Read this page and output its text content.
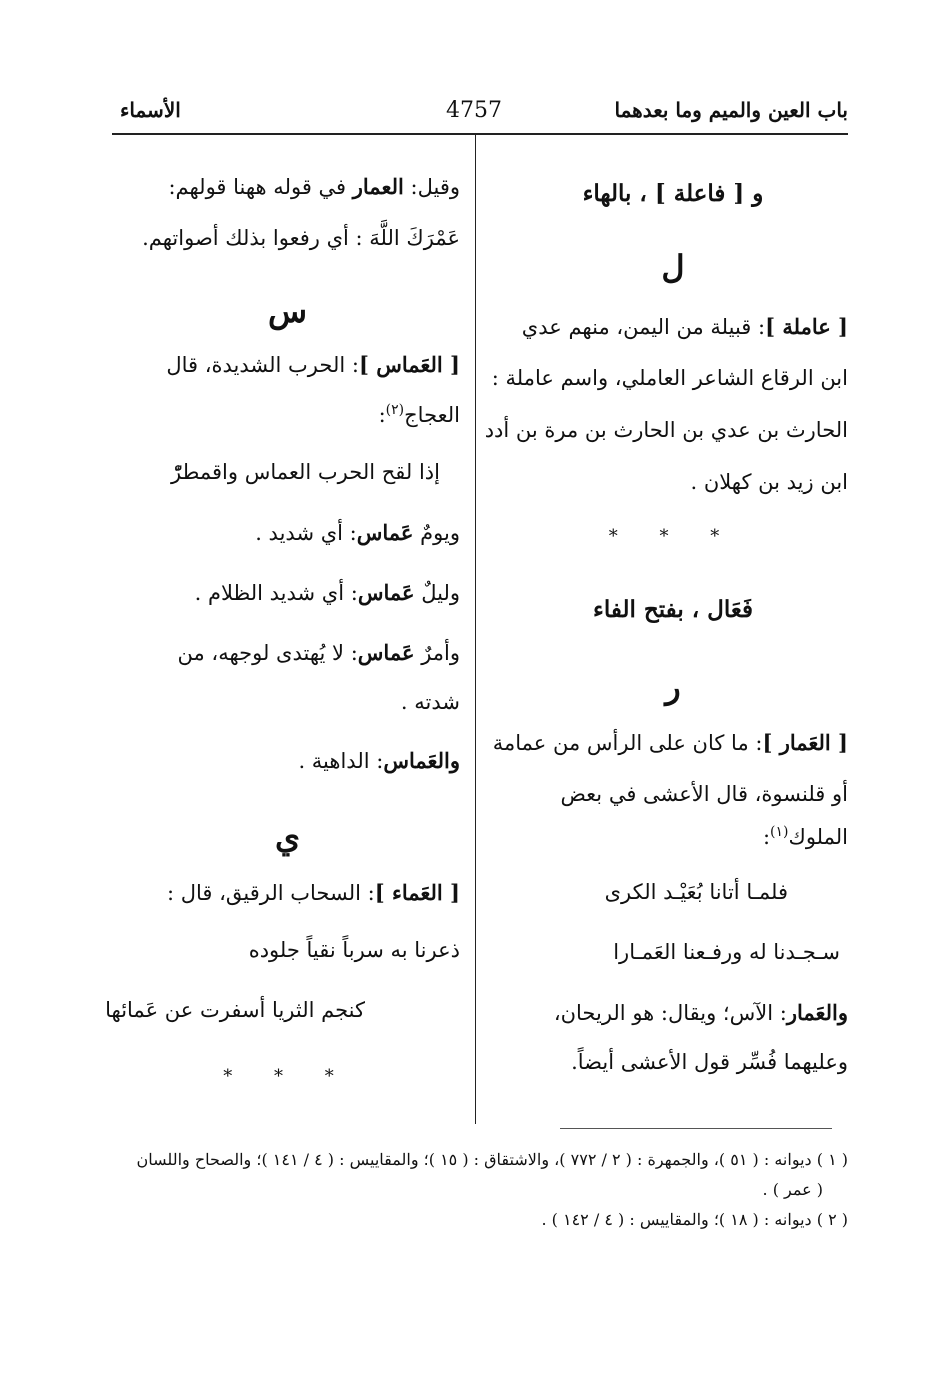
باب العين والميم وما بعدهما
4757
الأسماء
و [ فاعلة ] ، بالهاء
ل
[ عاملة ]: قبيلة من اليمن، منهم عدي
ابن الرقاع الشاعر العاملي، واسم عاملة :
الحارث بن عدي بن الحارث بن مرة بن أدد
ابن زيد بن كهلان .
* * *
فَعَال ، بفتح الفاء
ر
[ العَمار ]: ما كان على الرأس من عمامة
أو قلنسوة، قال الأعشى في بعض
الملوك$^{(١)}$:
فلمـا أتانا بُعَيْـد الكرى
سـجـدنا له ورفـعنا العَمـارا
والعَمار: الآس؛ ويقال: هو الريحان،
وعليهما فُسِّر قول الأعشى أيضاً.
وقيل: العمار في قوله ههنا قولهم:
عَمْرَكَ اللَّهَ : أي رفعوا بذلك أصواتهم.
س
[ العَماس ]: الحرب الشديدة، قال
العجاج$^{(٢)}$:
إذا لقح الحرب العماس واقمطرّْ
ويومٌ عَماس: أي شديد .
وليلٌ عَماس: أي شديد الظلام .
وأمرٌ عَماس: لا يُهتدى لوجهه، من
شدته .
والعَماس: الداهية .
ي
[ العَماء ]: السحاب الرقيق، قال :
ذعرنا به سرباً نقياً جلوده
كنجم الثريا أسفرت عن عَمائها
* * *
( ١ ) ديوانه : ( ٥١ )، والجمهرة : ( ٢ / ٧٧٢ )، والاشتقاق : ( ١٥ )؛ والمقاييس : ( ٤ / ١٤١ )؛ والصحاح واللسان
( عمر ) .
( ٢ ) ديوانه : ( ١٨ )؛ والمقاييس : ( ٤ / ١٤٢ ) .
